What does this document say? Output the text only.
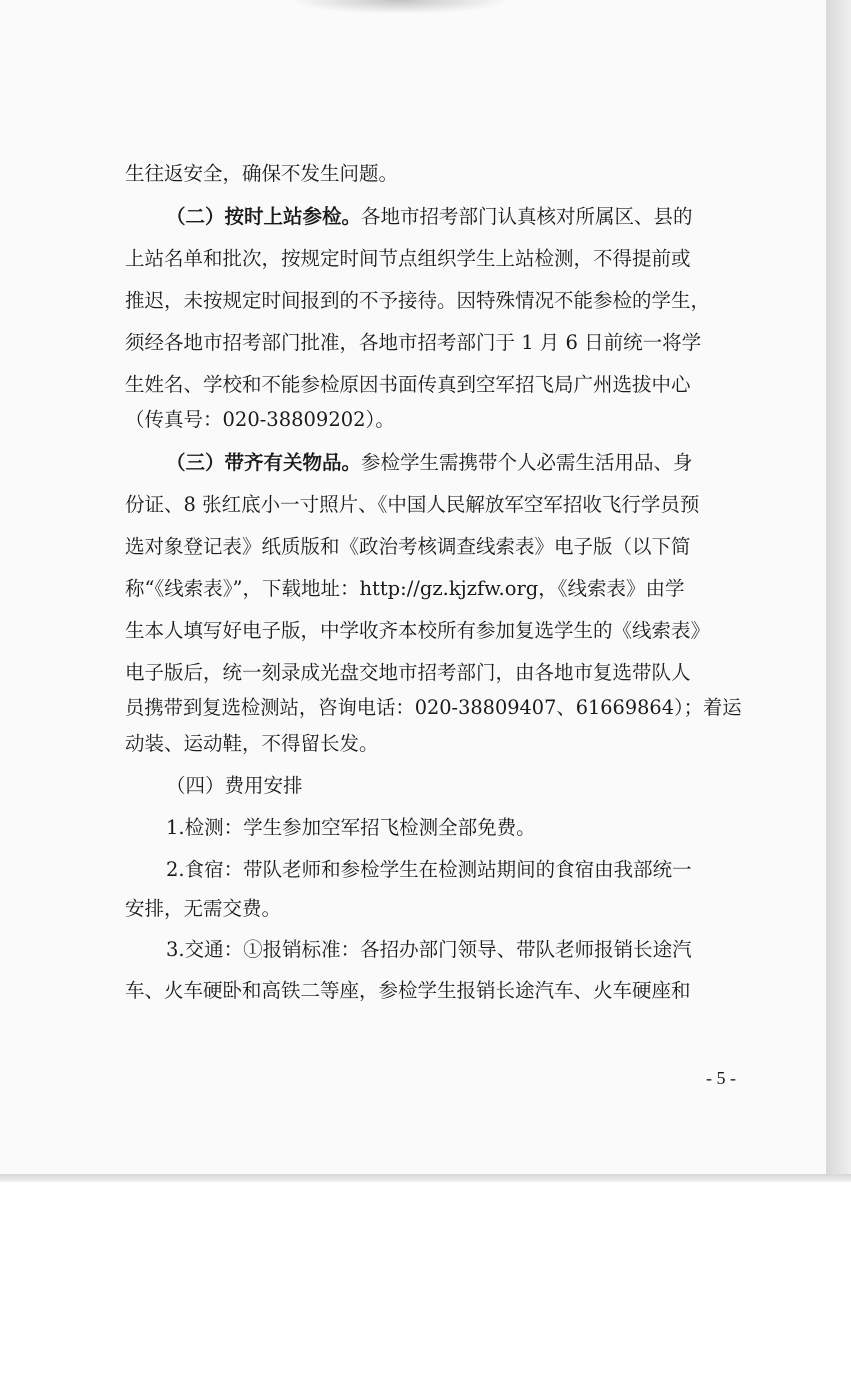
生往返安全，确保不发生问题。
（二）按时上站参检。各地市招考部门认真核对所属区、县的
上站名单和批次，按规定时间节点组织学生上站检测，不得提前或
推迟，未按规定时间报到的不予接待。因特殊情况不能参检的学生，
须经各地市招考部门批准，各地市招考部门于 1 月 6 日前统一将学
生姓名、学校和不能参检原因书面传真到空军招飞局广州选拔中心
（传真号：020-38809202）。
（三）带齐有关物品。参检学生需携带个人必需生活用品、身
份证、8 张红底小一寸照片、《中国人民解放军空军招收飞行学员预
选对象登记表》纸质版和《政治考核调查线索表》电子版（以下简
称“《线索表》”，下载地址：http://gz.kjzfw.org，《线索表》由学
生本人填写好电子版，中学收齐本校所有参加复选学生的《线索表》
电子版后，统一刻录成光盘交地市招考部门，由各地市复选带队人
员携带到复选检测站，咨询电话：020-38809407、61669864）；着运
动装、运动鞋，不得留长发。
（四）费用安排
1.检测：学生参加空军招飞检测全部免费。
2.食宿：带队老师和参检学生在检测站期间的食宿由我部统一
安排，无需交费。
3.交通：①报销标准：各招办部门领导、带队老师报销长途汽
车、火车硬卧和高铁二等座，参检学生报销长途汽车、火车硬座和
- 5 -
